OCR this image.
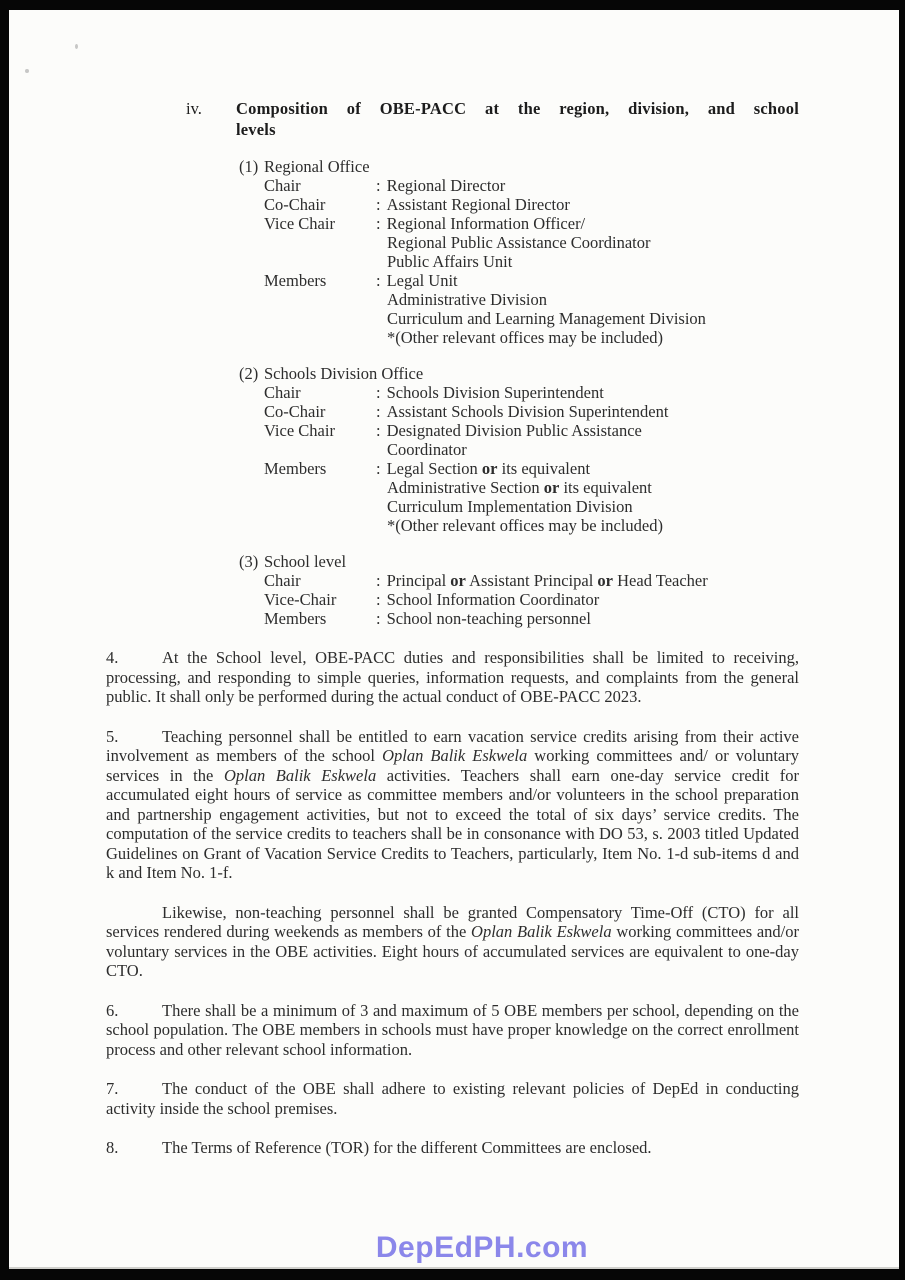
iv.	Composition of OBE-PACC at the region, division, and school
levels
(1) Regional Office
Chair	: Regional Director
Co-Chair	: Assistant Regional Director
Vice Chair	: Regional Information Officer/
Regional Public Assistance Coordinator
Public Affairs Unit
Members	: Legal Unit
Administrative Division
Curriculum and Learning Management Division
*(Other relevant offices may be included)
(2) Schools Division Office
Chair	: Schools Division Superintendent
Co-Chair	: Assistant Schools Division Superintendent
Vice Chair	: Designated Division Public Assistance
Coordinator
Members	: Legal Section or its equivalent
Administrative Section or its equivalent
Curriculum Implementation Division
*(Other relevant offices may be included)
(3) School level
Chair	: Principal or Assistant Principal or Head Teacher
Vice-Chair	: School Information Coordinator
Members	: School non-teaching personnel

4.	At the School level, OBE-PACC duties and responsibilities shall be limited to receiving, processing, and responding to simple queries, information requests, and complaints from the general public. It shall only be performed during the actual conduct of OBE-PACC 2023.

5.	Teaching personnel shall be entitled to earn vacation service credits arising from their active involvement as members of the school Oplan Balik Eskwela working committees and/ or voluntary services in the Oplan Balik Eskwela activities. Teachers shall earn one-day service credit for accumulated eight hours of service as committee members and/or volunteers in the school preparation and partnership engagement activities, but not to exceed the total of six days’ service credits. The computation of the service credits to teachers shall be in consonance with DO 53, s. 2003 titled Updated Guidelines on Grant of Vacation Service Credits to Teachers, particularly, Item No. 1-d sub-items d and k and Item No. 1-f.

Likewise, non-teaching personnel shall be granted Compensatory Time-Off (CTO) for all services rendered during weekends as members of the Oplan Balik Eskwela working committees and/or voluntary services in the OBE activities. Eight hours of accumulated services are equivalent to one-day CTO.

6.	There shall be a minimum of 3 and maximum of 5 OBE members per school, depending on the school population. The OBE members in schools must have proper knowledge on the correct enrollment process and other relevant school information.

7.	The conduct of the OBE shall adhere to existing relevant policies of DepEd in conducting activity inside the school premises.

8.	The Terms of Reference (TOR) for the different Committees are enclosed.

DepEdPH.com
